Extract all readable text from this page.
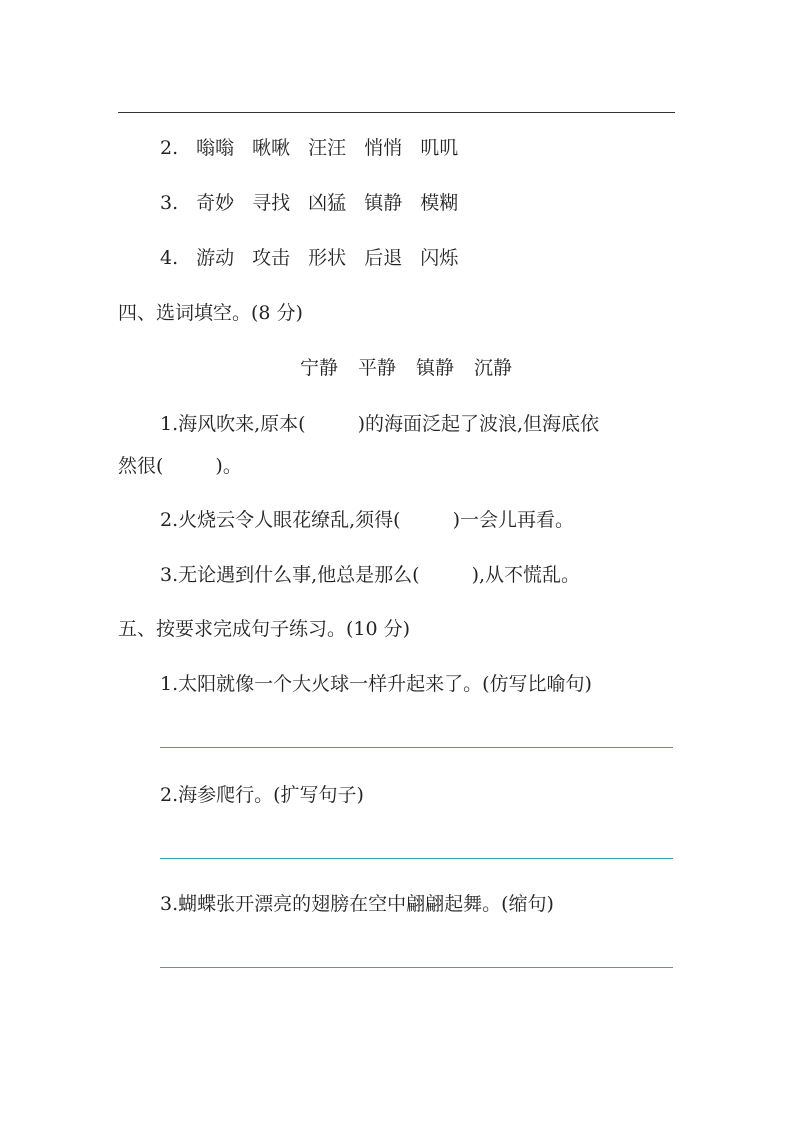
2. 嗡嗡 啾啾 汪汪 悄悄 叽叽
3. 奇妙 寻找 凶猛 镇静 模糊
4. 游动 攻击 形状 后退 闪烁
四、选词填空。(8 分)
宁静 平静 镇静 沉静
1.海风吹来,原本(	)的海面泛起了波浪,但海底依
然很(	)。
2.火烧云令人眼花缭乱,须得(	)一会儿再看。
3.无论遇到什么事,他总是那么(	),从不慌乱。
五、按要求完成句子练习。(10 分)
1.太阳就像一个大火球一样升起来了。(仿写比喻句)
2.海参爬行。(扩写句子)
3.蝴蝶张开漂亮的翅膀在空中翩翩起舞。(缩句)
